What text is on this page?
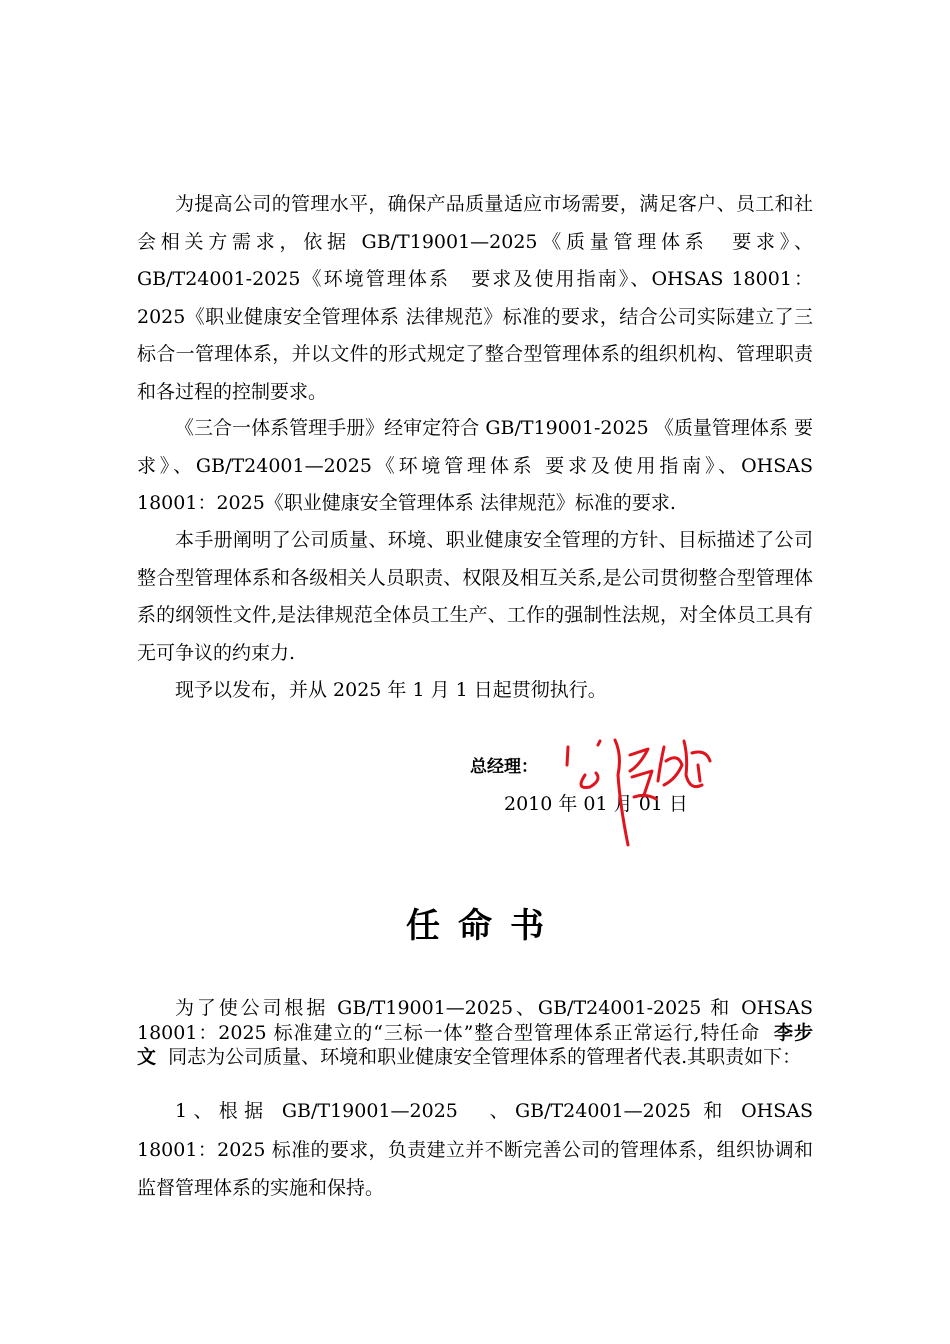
为提高公司的管理水平，确保产品质量适应市场需要，满足客户、员工和社会相关方需求，依据 GB/T19001—2025《质量管理体系　要求》、GB/T24001-2025《环境管理体系　要求及使用指南》、OHSAS 18001：2025《职业健康安全管理体系 法律规范》标准的要求，结合公司实际建立了三标合一管理体系，并以文件的形式规定了整合型管理体系的组织机构、管理职责和各过程的控制要求。
《三合一体系管理手册》经审定符合 GB/T19001-2025 《质量管理体系 要求》、GB/T24001—2025《环境管理体系 要求及使用指南》、OHSAS 18001：2025《职业健康安全管理体系 法律规范》标准的要求.
本手册阐明了公司质量、环境、职业健康安全管理的方针、目标描述了公司整合型管理体系和各级相关人员职责、权限及相互关系,是公司贯彻整合型管理体系的纲领性文件,是法律规范全体员工生产、工作的强制性法规，对全体员工具有无可争议的约束力.
现予以发布，并从 2025 年 1 月 1 日起贯彻执行。
总经理：
2010 年 01 月 01 日
任命书
为了使公司根据 GB/T19001—2025、GB/T24001-2025 和 OHSAS 18001：2025 标准建立的“三标一体”整合型管理体系正常运行,特任命 李步文 同志为公司质量、环境和职业健康安全管理体系的管理者代表.其职责如下：
1、根据 GB/T19001—2025　、GB/T24001—2025 和 OHSAS 18001：2025 标准的要求，负责建立并不断完善公司的管理体系，组织协调和监督管理体系的实施和保持。
